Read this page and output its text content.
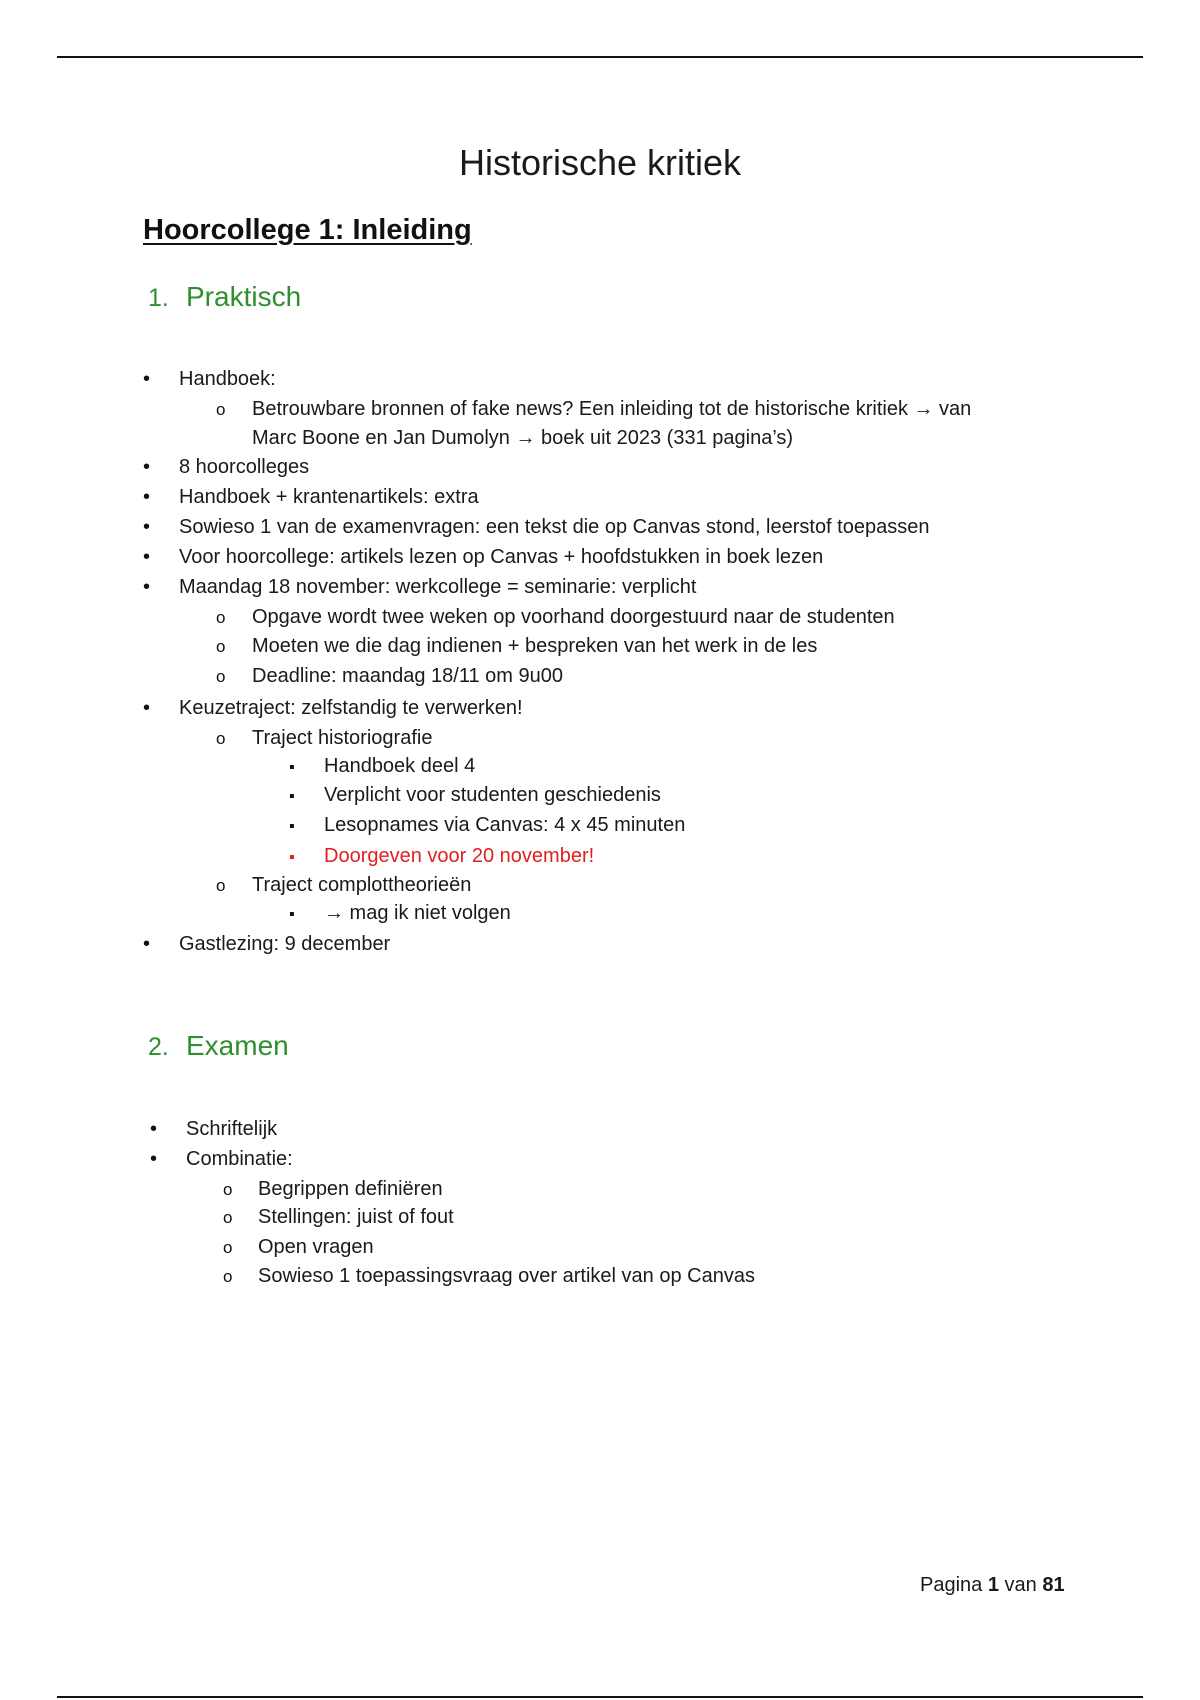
Historische kritiek
Hoorcollege 1: Inleiding
1. Praktisch
•
Handboek:
o
Betrouwbare bronnen of fake news? Een inleiding tot de historische kritiek → van
Marc Boone en Jan Dumolyn → boek uit 2023 (331 pagina’s)
•
8 hoorcolleges
•
Handboek + krantenartikels: extra
•
Sowieso 1 van de examenvragen: een tekst die op Canvas stond, leerstof toepassen
•
Voor hoorcollege: artikels lezen op Canvas + hoofdstukken in boek lezen
•
Maandag 18 november: werkcollege = seminarie: verplicht
o
Opgave wordt twee weken op voorhand doorgestuurd naar de studenten
o
Moeten we die dag indienen + bespreken van het werk in de les
o
Deadline: maandag 18/11 om 9u00
•
Keuzetraject: zelfstandig te verwerken!
o
Traject historiografie
▪
Handboek deel 4
▪
Verplicht voor studenten geschiedenis
▪
Lesopnames via Canvas: 4 x 45 minuten
▪
Doorgeven voor 20 november!
o
Traject complottheorieën
▪
→ mag ik niet volgen
•
Gastlezing: 9 december
2. Examen
•
Schriftelijk
•
Combinatie:
o
Begrippen definiëren
o
Stellingen: juist of fout
o
Open vragen
o
Sowieso 1 toepassingsvraag over artikel van op Canvas
Pagina 1 van 81
